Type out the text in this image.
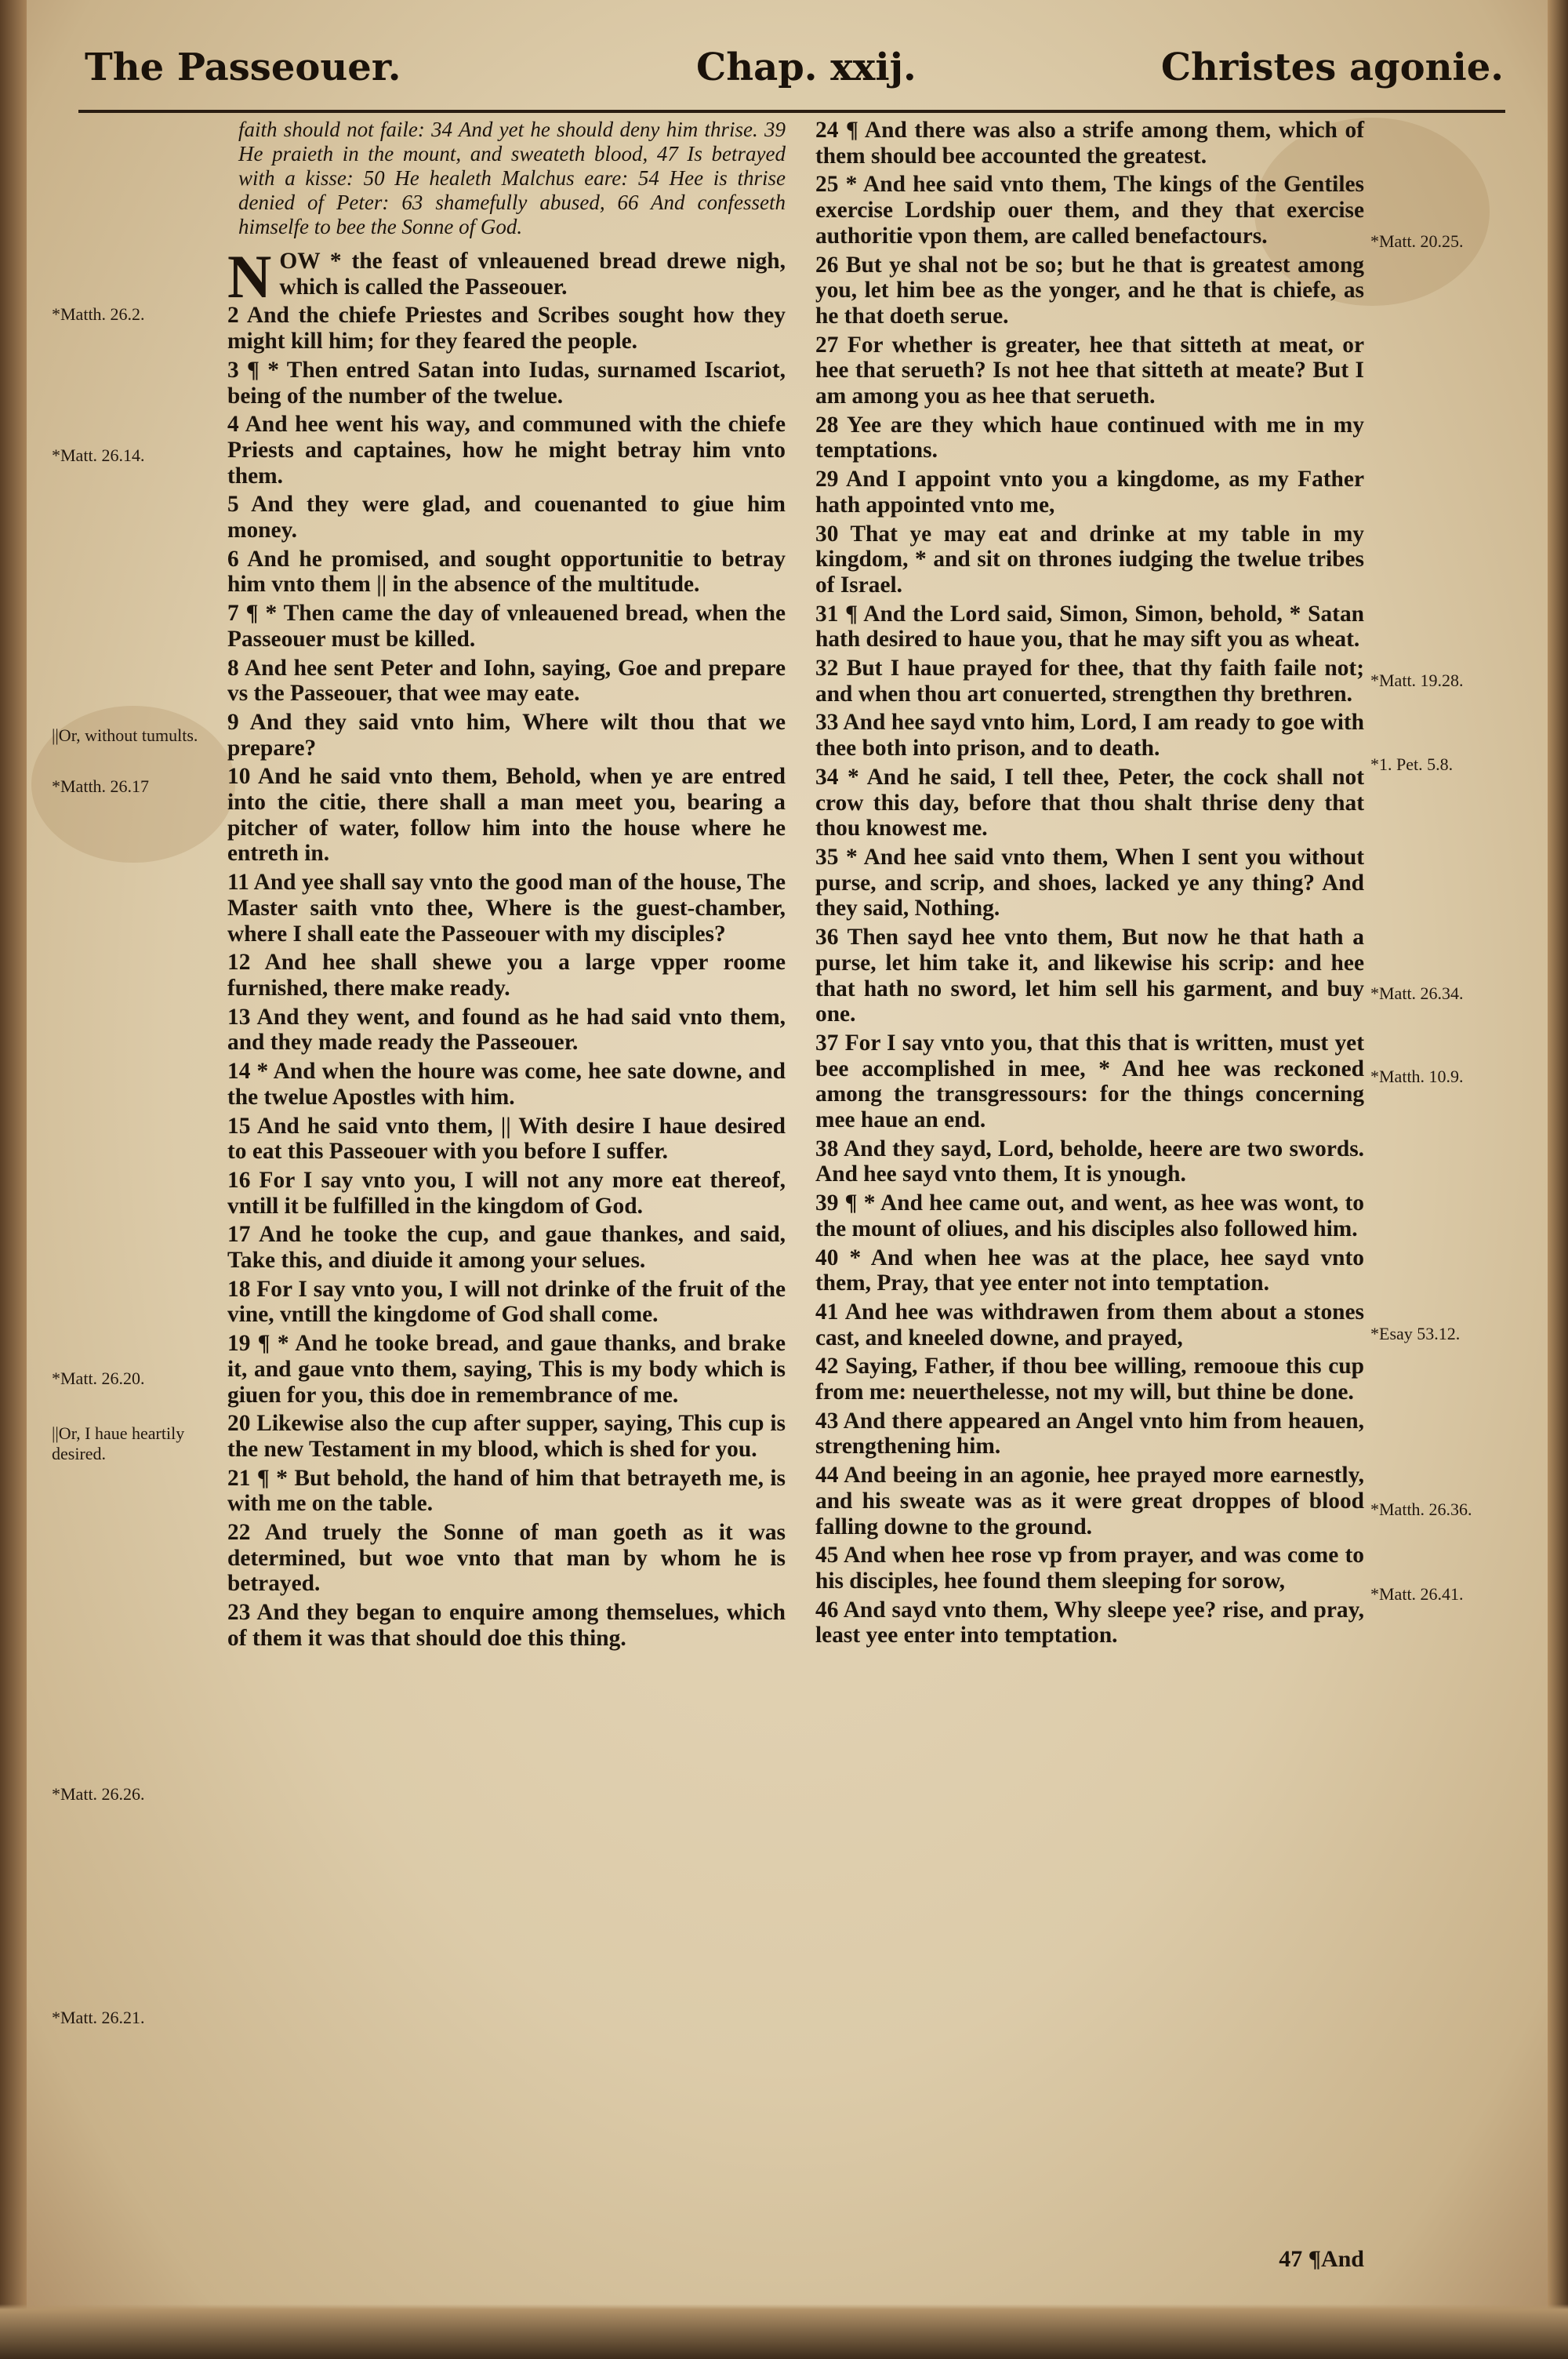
The Passeouer.	Chap. xxij.	Christes agonie.
*Matth. 26.2.
*Matt. 26.14.
||Or, without tumults.
*Matth. 26.17
*Matt. 26.20.
||Or, I haue heartily desired.
*Matt. 26.26.
*Matt. 26.21.
*Matt. 20.25.
*Matt. 19.28.
*1. Pet. 5.8.
*Matt. 26.34.
*Matth. 10.9.
*Esay 53.12.
*Matth. 26.36.
*Matt. 26.41.

faith should not faile: 34 And yet he should deny him thrise. 39 He praieth in the mount, and sweateth blood, 47 Is betrayed with a kisse: 50 He healeth Malchus eare: 54 Hee is thrise denied of Peter: 63 shamefully abused, 66 And confesseth himselfe to bee the Sonne of God.

NOW * the feast of vnleauened bread drewe nigh, which is called the Passeouer.

2 And the chiefe Priestes and Scribes sought how they might kill him; for they feared the people.

3 ¶ * Then entred Satan into Iudas, surnamed Iscariot, being of the number of the twelue.

4 And hee went his way, and communed with the chiefe Priests and captaines, how he might betray him vnto them.

5 And they were glad, and couenanted to giue him money.

6 And he promised, and sought opportunitie to betray him vnto them || in the absence of the multitude.

7 ¶ * Then came the day of vnleauened bread, when the Passeouer must be killed.

8 And hee sent Peter and Iohn, saying, Goe and prepare vs the Passeouer, that wee may eate.

9 And they said vnto him, Where wilt thou that we prepare?

10 And he said vnto them, Behold, when ye are entred into the citie, there shall a man meet you, bearing a pitcher of water, follow him into the house where he entreth in.

11 And yee shall say vnto the good man of the house, The Master saith vnto thee, Where is the guest-chamber, where I shall eate the Passeouer with my disciples?

12 And hee shall shewe you a large vpper roome furnished, there make ready.

13 And they went, and found as he had said vnto them, and they made ready the Passeouer.

14 * And when the houre was come, hee sate downe, and the twelue Apostles with him.

15 And he said vnto them, || With desire I haue desired to eat this Passeouer with you before I suffer.

16 For I say vnto you, I will not any more eat thereof, vntill it be fulfilled in the kingdom of God.

17 And he tooke the cup, and gaue thankes, and said, Take this, and diuide it among your selues.

18 For I say vnto you, I will not drinke of the fruit of the vine, vntill the kingdome of God shall come.

19 ¶ * And he tooke bread, and gaue thanks, and brake it, and gaue vnto them, saying, This is my body which is giuen for you, this doe in remembrance of me.

20 Likewise also the cup after supper, saying, This cup is the new Testament in my blood, which is shed for you.

21 ¶ * But behold, the hand of him that betrayeth me, is with me on the table.

22 And truely the Sonne of man goeth as it was determined, but woe vnto that man by whom he is betrayed.

23 And they began to enquire among themselues, which of them it was that should doe this thing.

24 ¶ And there was also a strife among them, which of them should bee accounted the greatest.

25 * And hee said vnto them, The kings of the Gentiles exercise Lordship ouer them, and they that exercise authoritie vpon them, are called benefactours.

26 But ye shal not be so; but he that is greatest among you, let him bee as the yonger, and he that is chiefe, as he that doeth serue.

27 For whether is greater, hee that sitteth at meat, or hee that serueth? Is not hee that sitteth at meate? But I am among you as hee that serueth.

28 Yee are they which haue continued with me in my temptations.

29 And I appoint vnto you a kingdome, as my Father hath appointed vnto me,

30 That ye may eat and drinke at my table in my kingdom, * and sit on thrones iudging the twelue tribes of Israel.

31 ¶ And the Lord said, Simon, Simon, behold, * Satan hath desired to haue you, that he may sift you as wheat.

32 But I haue prayed for thee, that thy faith faile not; and when thou art conuerted, strengthen thy brethren.

33 And hee sayd vnto him, Lord, I am ready to goe with thee both into prison, and to death.

34 * And he said, I tell thee, Peter, the cock shall not crow this day, before that thou shalt thrise deny that thou knowest me.

35 * And hee said vnto them, When I sent you without purse, and scrip, and shoes, lacked ye any thing? And they said, Nothing.

36 Then sayd hee vnto them, But now he that hath a purse, let him take it, and likewise his scrip: and hee that hath no sword, let him sell his garment, and buy one.

37 For I say vnto you, that this that is written, must yet bee accomplished in mee, * And hee was reckoned among the transgressours: for the things concerning mee haue an end.

38 And they sayd, Lord, beholde, heere are two swords. And hee sayd vnto them, It is ynough.

39 ¶ * And hee came out, and went, as hee was wont, to the mount of oliues, and his disciples also followed him.

40 * And when hee was at the place, hee sayd vnto them, Pray, that yee enter not into temptation.

41 And hee was withdrawen from them about a stones cast, and kneeled downe, and prayed,

42 Saying, Father, if thou bee willing, remooue this cup from me: neuerthelesse, not my will, but thine be done.

43 And there appeared an Angel vnto him from heauen, strengthening him.

44 And beeing in an agonie, hee prayed more earnestly, and his sweate was as it were great droppes of blood falling downe to the ground.

45 And when hee rose vp from prayer, and was come to his disciples, hee found them sleeping for sorow,

46 And sayd vnto them, Why sleepe yee? rise, and pray, least yee enter into temptation.

47 ¶And
